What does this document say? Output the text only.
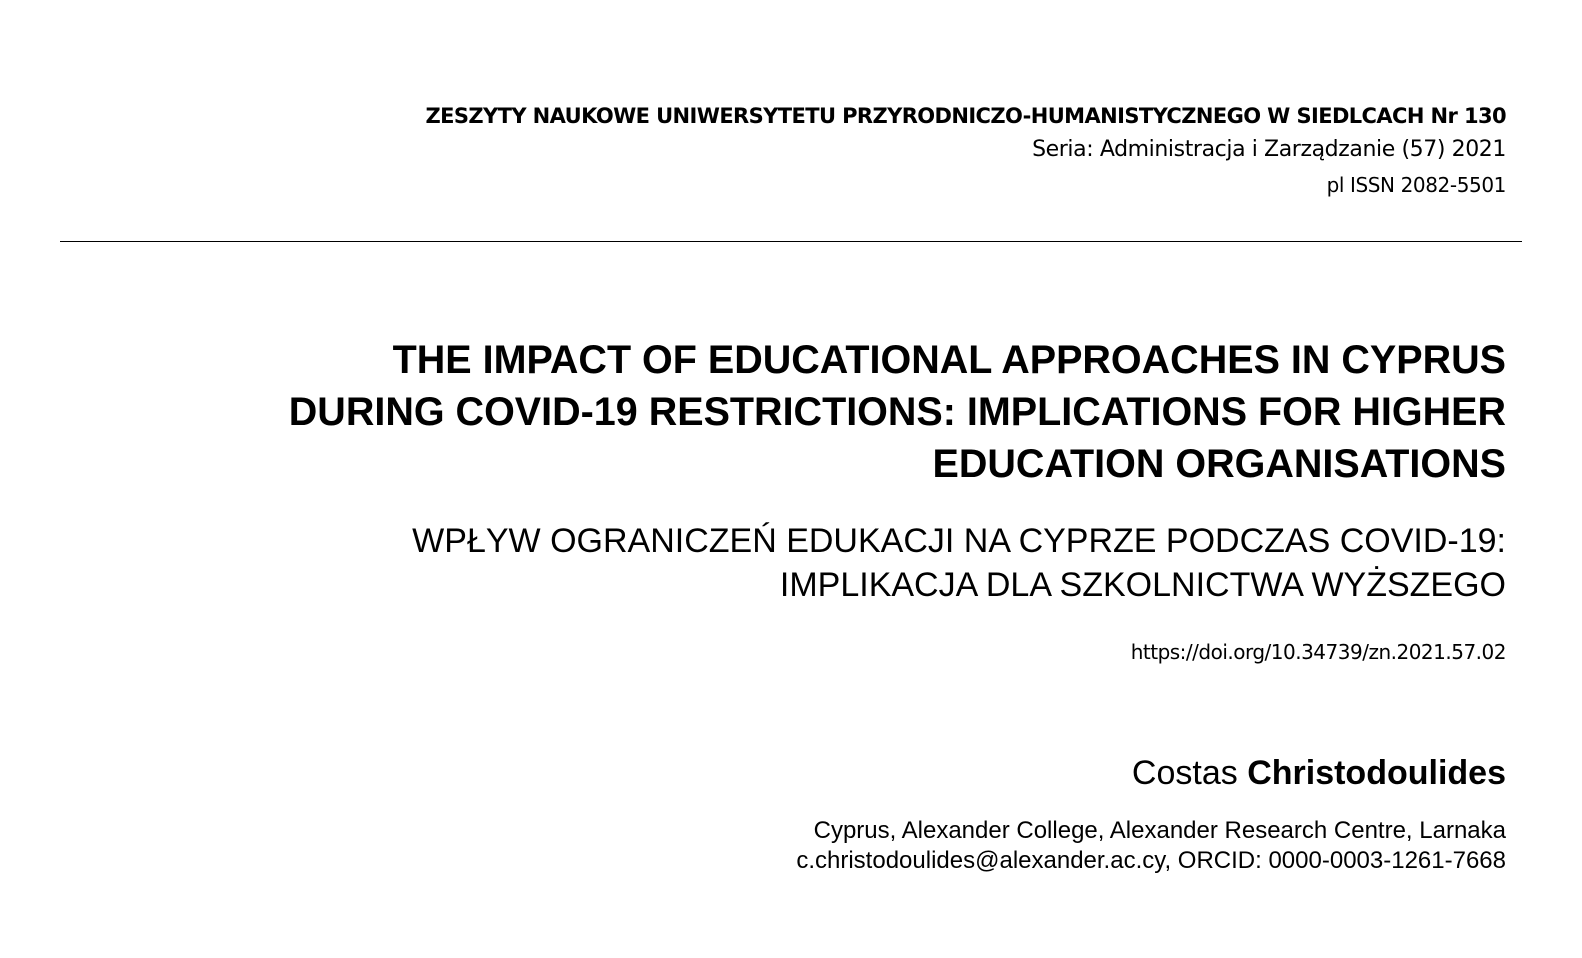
ZESZYTY NAUKOWE UNIWERSYTETU PRZYRODNICZO-HUMANISTYCZNEGO W SIEDLCACH Nr 130
Seria: Administracja i Zarządzanie (57) 2021
pl ISSN 2082-5501
THE IMPACT OF EDUCATIONAL APPROACHES IN CYPRUS
DURING COVID-19 RESTRICTIONS: IMPLICATIONS FOR HIGHER
EDUCATION ORGANISATIONS
WPŁYW OGRANICZEŃ EDUKACJI NA CYPRZE PODCZAS COVID-19:
IMPLIKACJA DLA SZKOLNICTWA WYŻSZEGO
https://doi.org/10.34739/zn.2021.57.02
Costas Christodoulides
Cyprus, Alexander College, Alexander Research Centre, Larnaka
c.christodoulides@alexander.ac.cy, ORCID: 0000-0003-1261-7668
